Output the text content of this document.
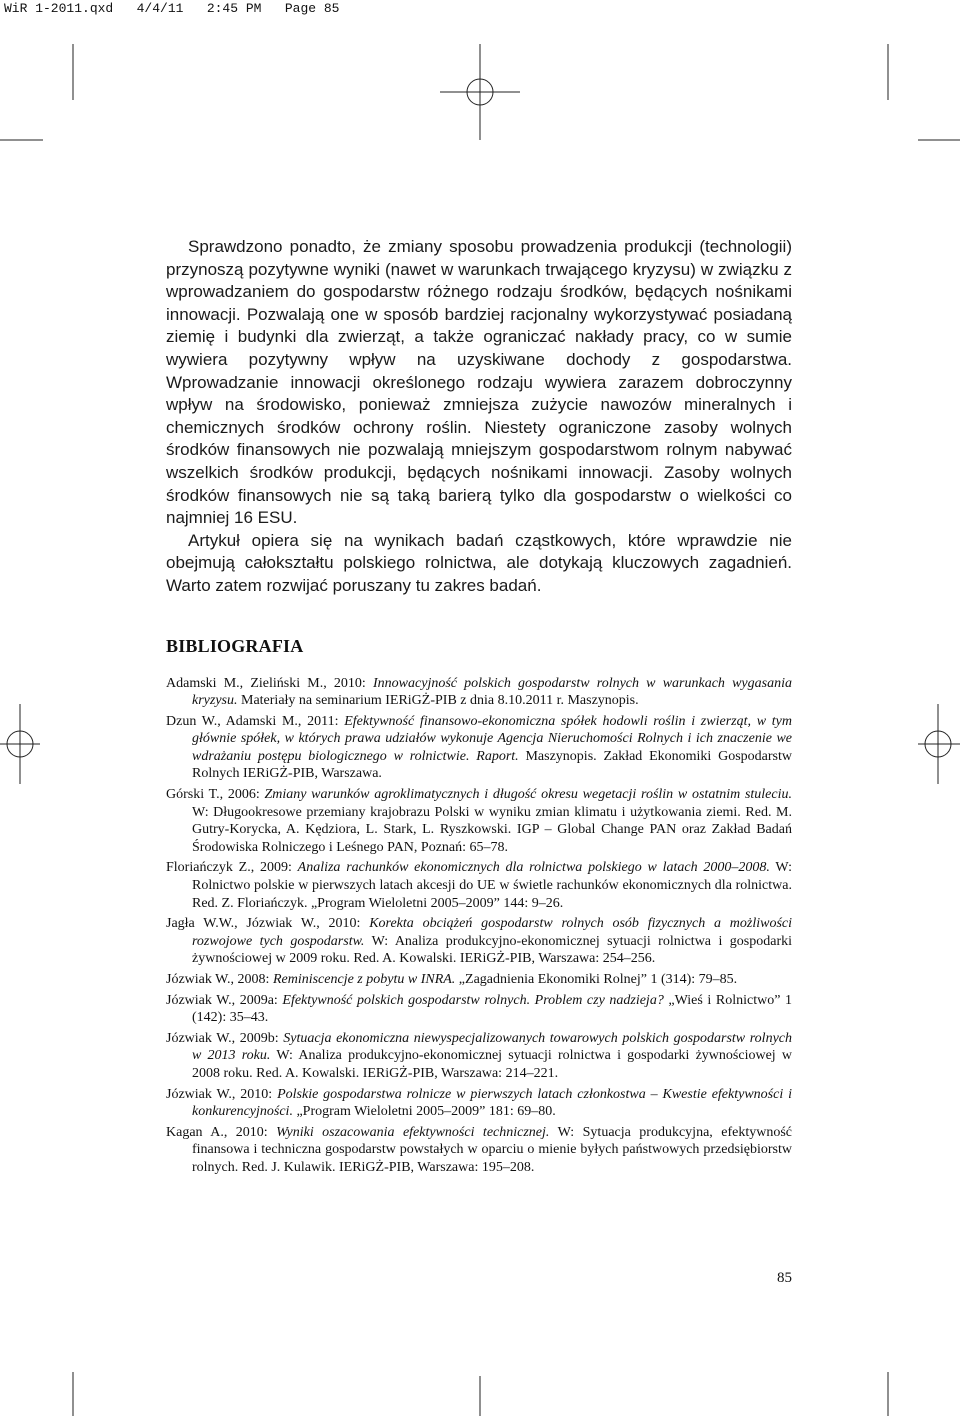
WiR 1-2011.qxd   4/4/11   2:45 PM   Page 85

Sprawdzono ponadto, że zmiany sposobu prowadzenia produkcji (technologii) przynoszą pozytywne wyniki (nawet w warunkach trwającego kryzysu) w związku z wprowadzaniem do gospodarstw różnego rodzaju środków, będących nośnikami innowacji. Pozwalają one w sposób bardziej racjonalny wykorzystywać posiadaną ziemię i budynki dla zwierząt, a także ograniczać nakłady pracy, co w sumie wywiera pozytywny wpływ na uzyskiwane dochody z gospodarstwa. Wprowadzanie innowacji określonego rodzaju wywiera zarazem dobroczynny wpływ na środowisko, ponieważ zmniejsza zużycie nawozów mineralnych i chemicznych środków ochrony roślin. Niestety ograniczone zasoby wolnych środków finansowych nie pozwalają mniejszym gospodarstwom rolnym nabywać wszelkich środków produkcji, będących nośnikami innowacji. Zasoby wolnych środków finansowych nie są taką barierą tylko dla gospodarstw o wielkości co najmniej 16 ESU.

Artykuł opiera się na wynikach badań cząstkowych, które wprawdzie nie obejmują całokształtu polskiego rolnictwa, ale dotykają kluczowych zagadnień. Warto zatem rozwijać poruszany tu zakres badań.

BIBLIOGRAFIA

Adamski M., Zieliński M., 2010: Innowacyjność polskich gospodarstw rolnych w warunkach wygasania kryzysu. Materiały na seminarium IERiGŻ-PIB z dnia 8.10.2011 r. Maszynopis.

Dzun W., Adamski M., 2011: Efektywność finansowo-ekonomiczna spółek hodowli roślin i zwierząt, w tym głównie spółek, w których prawa udziałów wykonuje Agencja Nieruchomości Rolnych i ich znaczenie we wdrażaniu postępu biologicznego w rolnictwie. Raport. Maszynopis. Zakład Ekonomiki Gospodarstw Rolnych IERiGŻ-PIB, Warszawa.

Górski T., 2006: Zmiany warunków agroklimatycznych i długość okresu wegetacji roślin w ostatnim stuleciu. W: Długookresowe przemiany krajobrazu Polski w wyniku zmian klimatu i użytkowania ziemi. Red. M. Gutry-Korycka, A. Kędziora, L. Stark, L. Ryszkowski. IGP – Global Change PAN oraz Zakład Badań Środowiska Rolniczego i Leśnego PAN, Poznań: 65–78.

Floriańczyk Z., 2009: Analiza rachunków ekonomicznych dla rolnictwa polskiego w latach 2000–2008. W: Rolnictwo polskie w pierwszych latach akcesji do UE w świetle rachunków ekonomicznych dla rolnictwa. Red. Z. Floriańczyk. „Program Wieloletni 2005–2009” 144: 9–26.

Jagła W.W., Józwiak W., 2010: Korekta obciążeń gospodarstw rolnych osób fizycznych a możliwości rozwojowe tych gospodarstw. W: Analiza produkcyjno-ekonomicznej sytuacji rolnictwa i gospodarki żywnościowej w 2009 roku. Red. A. Kowalski. IERiGŻ-PIB, Warszawa: 254–256.

Józwiak W., 2008: Reminiscencje z pobytu w INRA. „Zagadnienia Ekonomiki Rolnej” 1 (314): 79–85.

Józwiak W., 2009a: Efektywność polskich gospodarstw rolnych. Problem czy nadzieja? „Wieś i Rolnictwo” 1 (142): 35–43.

Józwiak W., 2009b: Sytuacja ekonomiczna niewyspecjalizowanych towarowych polskich gospodarstw rolnych w 2013 roku. W: Analiza produkcyjno-ekonomicznej sytuacji rolnictwa i gospodarki żywnościowej w 2008 roku. Red. A. Kowalski. IERiGŻ-PIB, Warszawa: 214–221.

Józwiak W., 2010: Polskie gospodarstwa rolnicze w pierwszych latach członkostwa – Kwestie efektywności i konkurencyjności. „Program Wieloletni 2005–2009” 181: 69–80.

Kagan A., 2010: Wyniki oszacowania efektywności technicznej. W: Sytuacja produkcyjna, efektywność finansowa i techniczna gospodarstw powstałych w oparciu o mienie byłych państwowych przedsiębiorstw rolnych. Red. J. Kulawik. IERiGŻ-PIB, Warszawa: 195–208.

85
